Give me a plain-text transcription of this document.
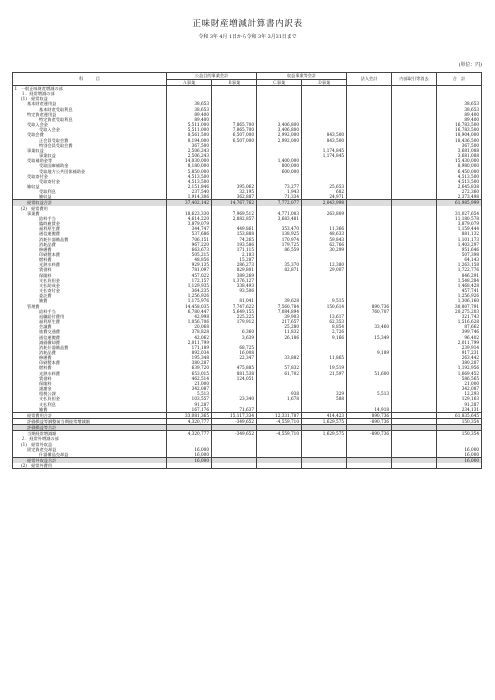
正味財産増減計算書内訳表
令和 3年 4月 1日から令和 3年 3月31日まで
(単位：円)
科　　　目	公益目的事業会計		収益事業等会計		法人会計	内部取引等消去	合　計
	Ａ事業	Ｂ事業	Ｃ事業	Ｄ事業			
Ⅰ　一般正味財産増減の部							
１．経常増減の部							
(1)　経常収益							
基本財産運用益	38,653						38,653
基本財産受取利息	38,653						38,653
特定資産運用益	89,400						89,400
特定資産受取利息	89,400						89,400
受取入会金	5,511,000	7,865,700	3,406,800				16,783,500
受取入会金	5,511,000	7,865,700	3,406,800				16,783,500
受取会費	8,561,500	6,507,000	2,992,000	843,500			18,904,000
正会員受取会費	8,194,000	6,507,000	2,992,000	843,500			18,436,500
特別会員受取会費	367,500						367,500
事業収益	2,506,243			1,174,845			3,681,088
事業収益	2,506,243			1,174,845			3,681,088
受取補助金等	14,030,000		1,400,000				15,430,000
受取国庫補助金	8,180,000		800,000				8,980,000
受取地方公共団体補助金	5,850,000		600,000				6,450,000
受取寄付金	4,513,500						4,513,500
受取寄付金	4,513,500						4,513,500
雑収益	2,151,846	395,062	73,277	25,653			2,645,838
受取利息	237,540	32,195	1,943	682			272,360
雑収益	1,914,306	362,887	71,334	24,971			2,373,498
経常収益合計	37,402,142	14,767,762	7,772,077	2,043,998			61,985,999
(2)　経常費用							
事業費	18,623,330	7,969,512	4,771,003	263,809			31,027,654
給料手当	4,614,220	2,882,857	3,683,481				11,180,578
臨時雇賃金	3,879,079						3,879,079
福利厚生費	344,747	449,861	353,470	11,366			1,159,444
通信運搬費	537,686	153,888	138,925	48,633			881,132
消耗什器備品費	706,151	74,265	170,974	59,843			1,101,173
消耗品費	967,220	193,586	179,725	62,766			1,403,297
修繕費	663,673	171,115	86,559	30,299			951,646
印刷製本費	505,215	2,183					507,398
燃料費	48,856	15,287					64,143
光熱水料費	929,135	286,273	35,370	12,380			1,263,158
賃借料	781,097	829,801	82,871	29,007			1,722,776
保険料	457,022	389,269					846,291
支払負担金	172,157	1,376,127					1,548,284
支払助成金	1,129,935	338,493					1,468,428
支払寄付金	364,235	93,506					457,741
委託費	1,256,926						1,256,926
雑費	1,175,976	81,041	39,628	9,515			1,306,160
管理費	14,458,035	7,747,622	7,560,784	150,614	890,736		30,807,791
給料手当	6,780,447	5,649,155	7,084,894		760,707		20,275,203
退職給付費用	42,998	225,225	39,903	13,617			321,743
福利厚生費	1,056,706	179,912	217,657	62,353			1,516,628
会議費	20,068		25,280	8,854	33,460		87,662
旅費交通費	378,828	6,360	11,832	2,726			399,746
通信運搬費	42,062	3,639	26,186	9,166	15,349		96,402
減価償却費	2,011,799						2,011,799
消耗什器備品費	171,189	68,725					239,914
消耗品費	892,034	16,008			9,189		917,231
修繕費	195,348	22,347	33,882	11,865			263,442
印刷製本費	380,287						380,287
燃料費	639,720	475,885	57,832	19,519			1,192,956
光熱水料費	653,015	881,538	61,702	21,597	51,600		1,669,452
賃借料	462,514	124,051					586,565
保険料	21,000						21,000
諸謝金	342,087						342,087
租税公課	5,513		938	329	5,513		12,293
支払負担金	103,557	23,340	1,678	588			129,163
支払利息	91,287						91,287
雑費	167,176	71,637			14,918		234,131
経常費用合計	33,081,365	15,117,334	12,331,787	414,423	890,736		61,835,645
評価損益等調整前当期経常増減額	4,320,777	-349,652	-4,559,710	1,629,575	-890,736		150,354
評価損益等合計							
当期経常増減額	4,320,777	-349,652	-4,559,710	1,629,575	-890,736		150,354
２．経常外増減の部							
(1)　経常外収益							
固定資産売却益	16,000						16,000
什器備品売却益	16,000						16,000
経常外収益合計	16,000						16,000
(2)　経常外費用							
